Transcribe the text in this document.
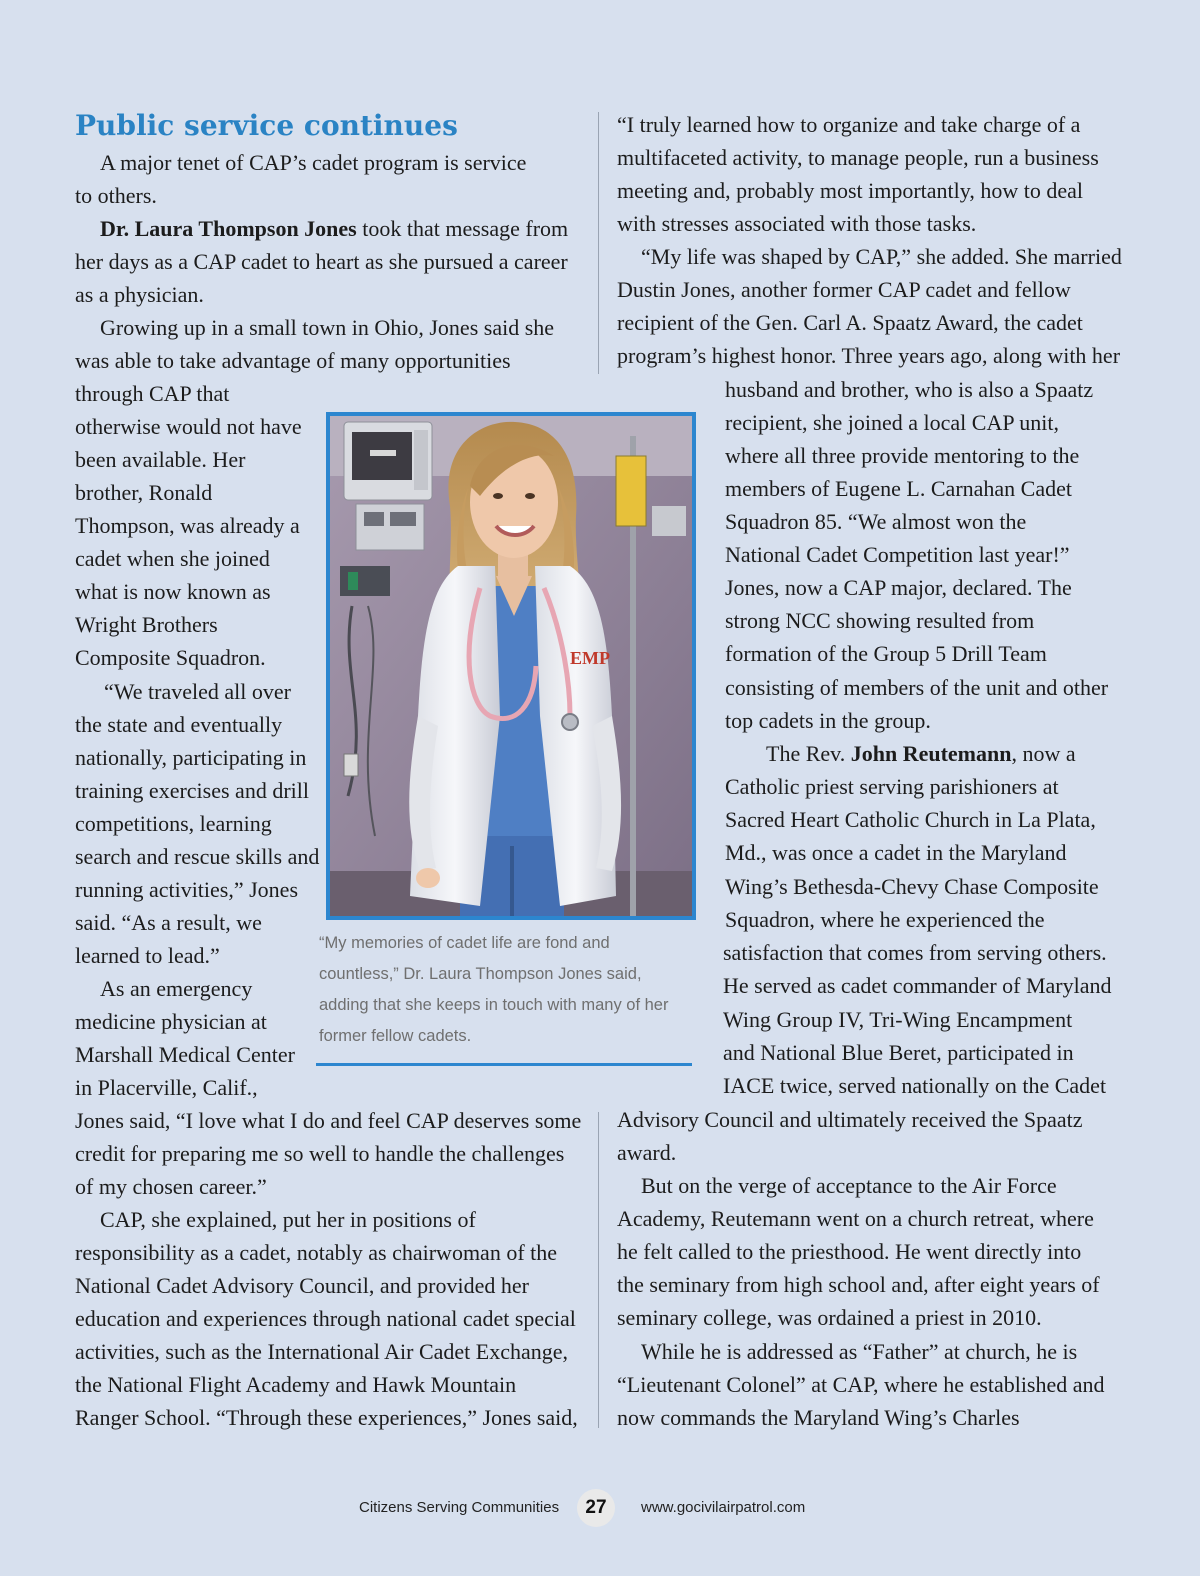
Public service continues

A major tenet of CAP’s cadet program is service

to others.

Dr. Laura Thompson Jones took that message from

her days as a CAP cadet to heart as she pursued a career

as a physician.

Growing up in a small town in Ohio, Jones said she

was able to take advantage of many opportunities

through CAP that

otherwise would not have

been available. Her

brother, Ronald

Thompson, was already a

cadet when she joined

what is now known as

Wright Brothers

Composite Squadron.

“We traveled all over

the state and eventually

nationally, participating in

training exercises and drill

competitions, learning

search and rescue skills and

running activities,” Jones

said. “As a result, we

learned to lead.”

As an emergency

medicine physician at

Marshall Medical Center

in Placerville, Calif.,

Jones said, “I love what I do and feel CAP deserves some

credit for preparing me so well to handle the challenges

of my chosen career.”

CAP, she explained, put her in positions of

responsibility as a cadet, notably as chairwoman of the

National Cadet Advisory Council, and provided her

education and experiences through national cadet special

activities, such as the International Air Cadet Exchange,

the National Flight Academy and Hawk Mountain

Ranger School. “Through these experiences,” Jones said,

“I truly learned how to organize and take charge of a

multifaceted activity, to manage people, run a business

meeting and, probably most importantly, how to deal

with stresses associated with those tasks.

“My life was shaped by CAP,” she added. She married

Dustin Jones, another former CAP cadet and fellow

recipient of the Gen. Carl A. Spaatz Award, the cadet

program’s highest honor. Three years ago, along with her

husband and brother, who is also a Spaatz

recipient, she joined a local CAP unit,

where all three provide mentoring to the

members of Eugene L. Carnahan Cadet

Squadron 85. “We almost won the

National Cadet Competition last year!”

Jones, now a CAP major, declared. The

strong NCC showing resulted from

formation of the Group 5 Drill Team

consisting of members of the unit and other

top cadets in the group.

The Rev. John Reutemann, now a

Catholic priest serving parishioners at

Sacred Heart Catholic Church in La Plata,

Md., was once a cadet in the Maryland

Wing’s Bethesda-Chevy Chase Composite

Squadron, where he experienced the

satisfaction that comes from serving others.

He served as cadet commander of Maryland

Wing Group IV, Tri-Wing Encampment

and National Blue Beret, participated in

IACE twice, served nationally on the Cadet

Advisory Council and ultimately received the Spaatz

award.

But on the verge of acceptance to the Air Force

Academy, Reutemann went on a church retreat, where

he felt called to the priesthood. He went directly into

the seminary from high school and, after eight years of

seminary college, was ordained a priest in 2010.

While he is addressed as “Father” at church, he is

“Lieutenant Colonel” at CAP, where he established and

now commands the Maryland Wing’s Charles

EMP

“My memories of cadet life are fond and

countless,” Dr. Laura Thompson Jones said,

adding that she keeps in touch with many of her

former fellow cadets.

Citizens Serving Communities	27	www.gocivilairpatrol.com
